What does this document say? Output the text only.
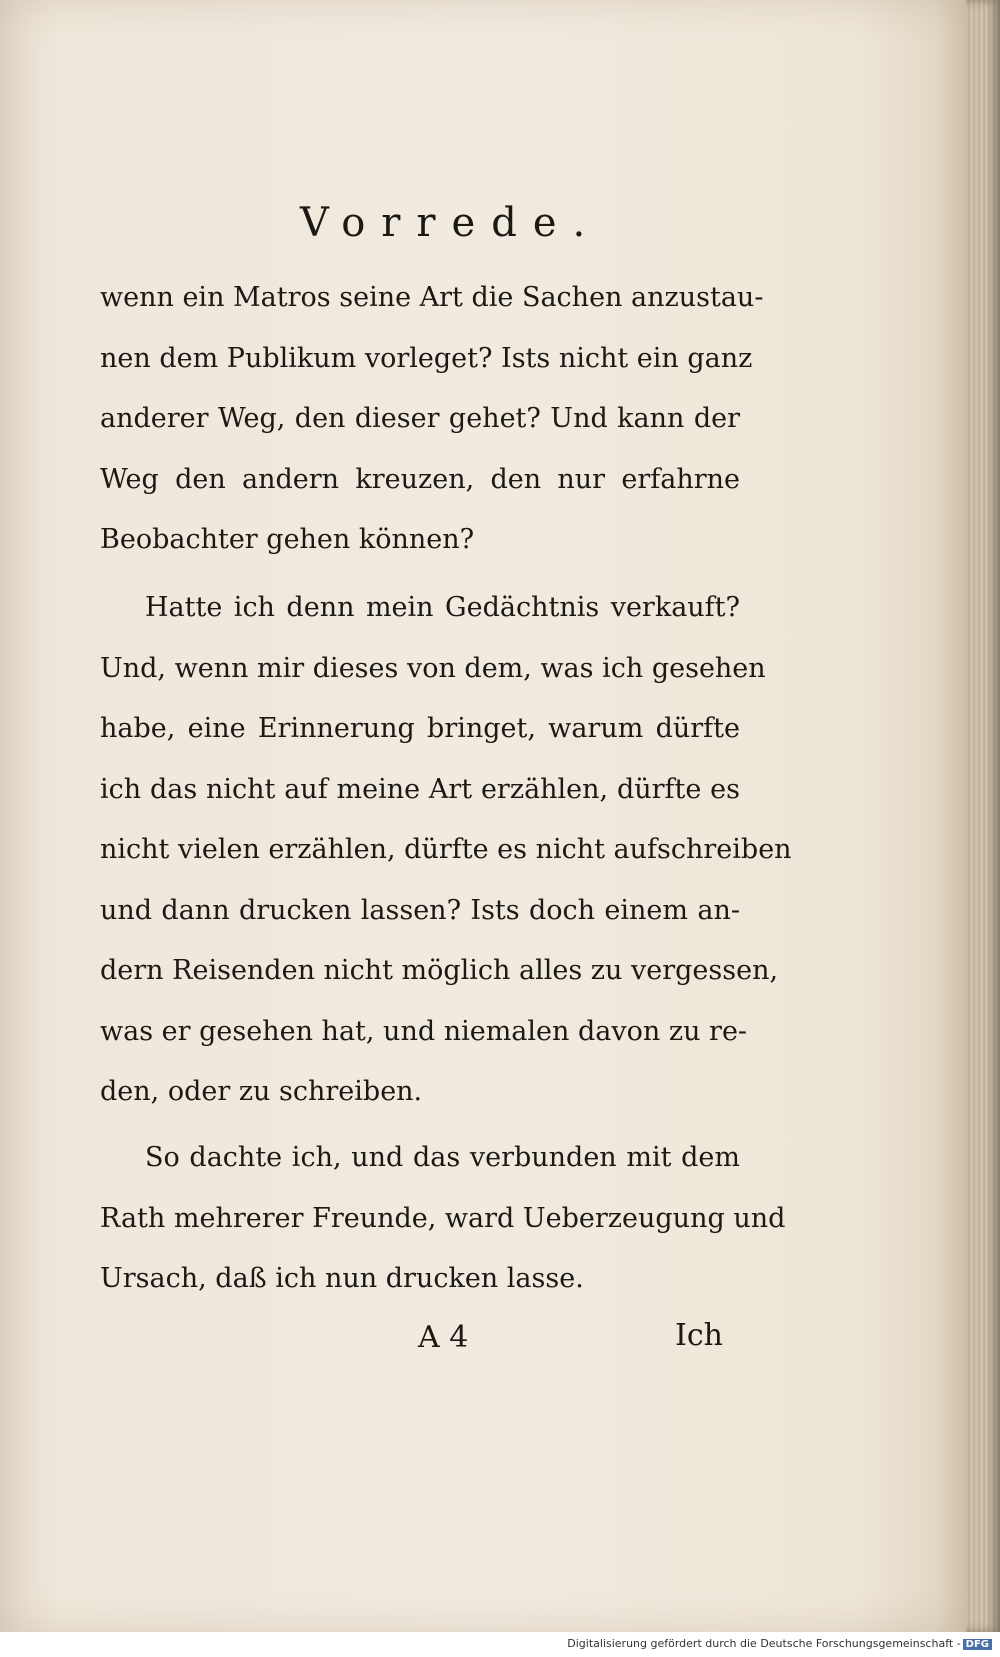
Vorrede.
wenn ein Matros seine Art die Sachen anzustau-
nen dem Publikum vorleget? Ists nicht ein ganz
anderer Weg, den dieser gehet? Und kann der
Weg den andern kreuzen, den nur erfahrne
Beobachter gehen können?
Hatte ich denn mein Gedächtnis verkauft?
Und, wenn mir dieses von dem, was ich gesehen
habe, eine Erinnerung bringet, warum dürfte
ich das nicht auf meine Art erzählen, dürfte es
nicht vielen erzählen, dürfte es nicht aufschreiben
und dann drucken lassen? Ists doch einem an-
dern Reisenden nicht möglich alles zu vergessen,
was er gesehen hat, und niemalen davon zu re-
den, oder zu schreiben.
So dachte ich, und das verbunden mit dem
Rath mehrerer Freunde, ward Ueberzeugung und
Ursach, daß ich nun drucken lasse.
A 4	Ich
Digitalisierung gefördert durch die Deutsche Forschungsgemeinschaft - DFG
